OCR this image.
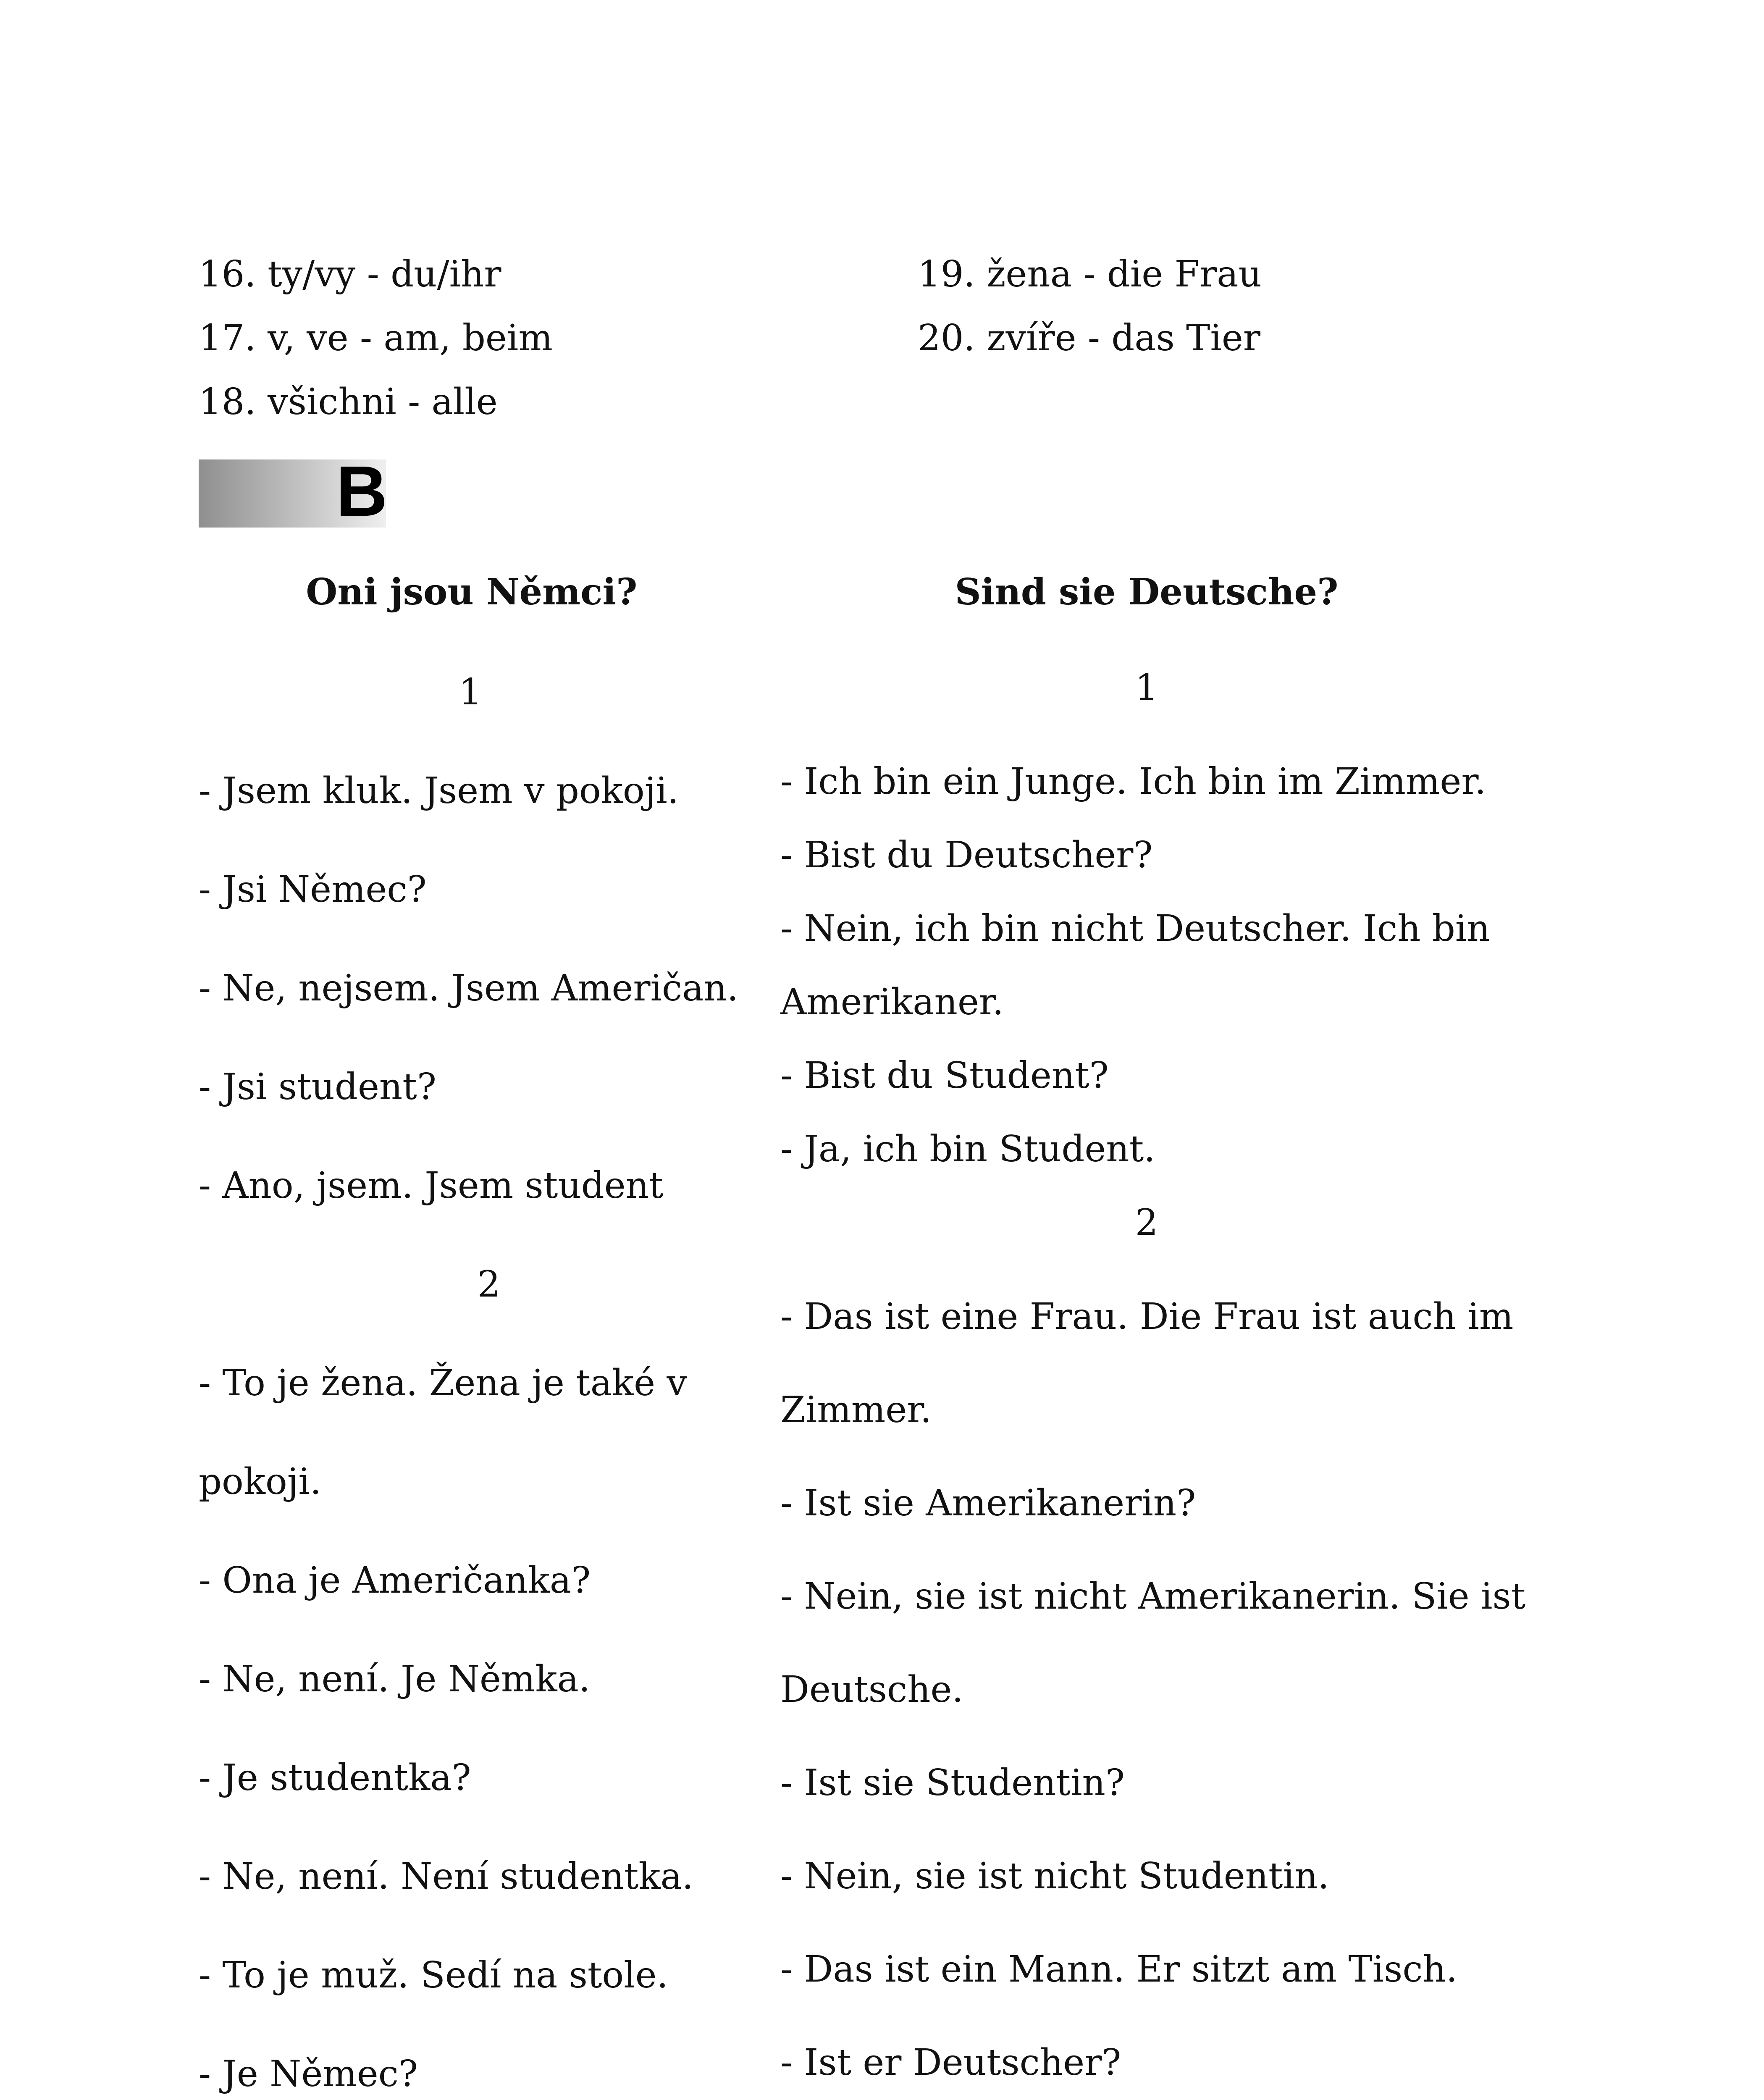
16. ty/vy - du/ihr
17. v, ve - am, beim
18. všichni - alle
19. žena - die Frau
20. zvíře - das Tier
B
Oni jsou Němci?
1
- Jsem kluk. Jsem v pokoji.
- Jsi Němec?
- Ne, nejsem. Jsem Američan.
- Jsi student?
- Ano, jsem. Jsem student
2
- To je žena. Žena je také v
pokoji.
- Ona je Američanka?
- Ne, není. Je Němka.
- Je studentka?
- Ne, není. Není studentka.
- To je muž. Sedí na stole.
- Je Němec?
Sind sie Deutsche?
1
- Ich bin ein Junge. Ich bin im Zimmer.
- Bist du Deutscher?
- Nein, ich bin nicht Deutscher. Ich bin
Amerikaner.
- Bist du Student?
- Ja, ich bin Student.
2
- Das ist eine Frau. Die Frau ist auch im
Zimmer.
- Ist sie Amerikanerin?
- Nein, sie ist nicht Amerikanerin. Sie ist
Deutsche.
- Ist sie Studentin?
- Nein, sie ist nicht Studentin.
- Das ist ein Mann. Er sitzt am Tisch.
- Ist er Deutscher?
